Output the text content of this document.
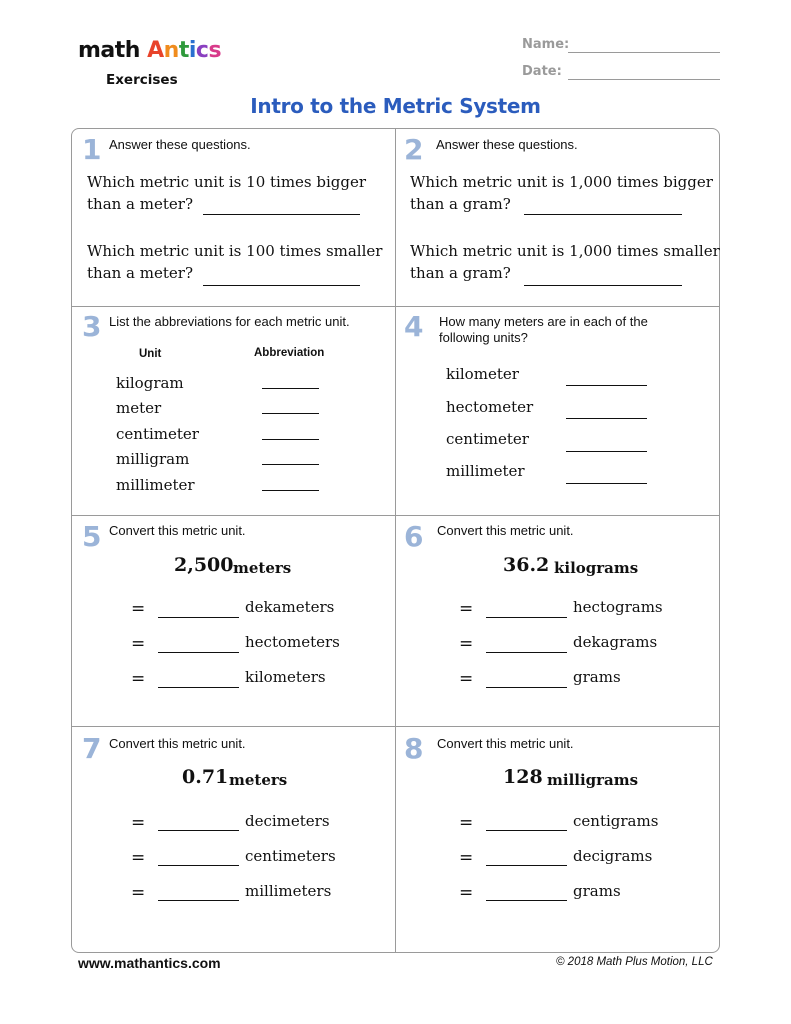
math Antics
Exercises
Name:
Date:
Intro to the Metric System
1 Answer these questions.
Which metric unit is 10 times bigger
than a meter?
Which metric unit is 100 times smaller
than a meter?
2 Answer these questions.
Which metric unit is 1,000 times bigger
than a gram?
Which metric unit is 1,000 times smaller
than a gram?
3 List the abbreviations for each metric unit.
Unit	Abbreviation
kilogram
meter
centimeter
milligram
millimeter
4 How many meters are in each of the
following units?
kilometer
hectometer
centimeter
millimeter
5 Convert this metric unit.
2,500 meters
=
=
=
dekameters
hectometers
kilometers
6 Convert this metric unit.
36.2 kilograms
=
=
=
hectograms
dekagrams
grams
7 Convert this metric unit.
0.71 meters
=
=
=
decimeters
centimeters
millimeters
8 Convert this metric unit.
128 milligrams
=
=
=
centigrams
decigrams
grams
www.mathantics.com	© 2018 Math Plus Motion, LLC
